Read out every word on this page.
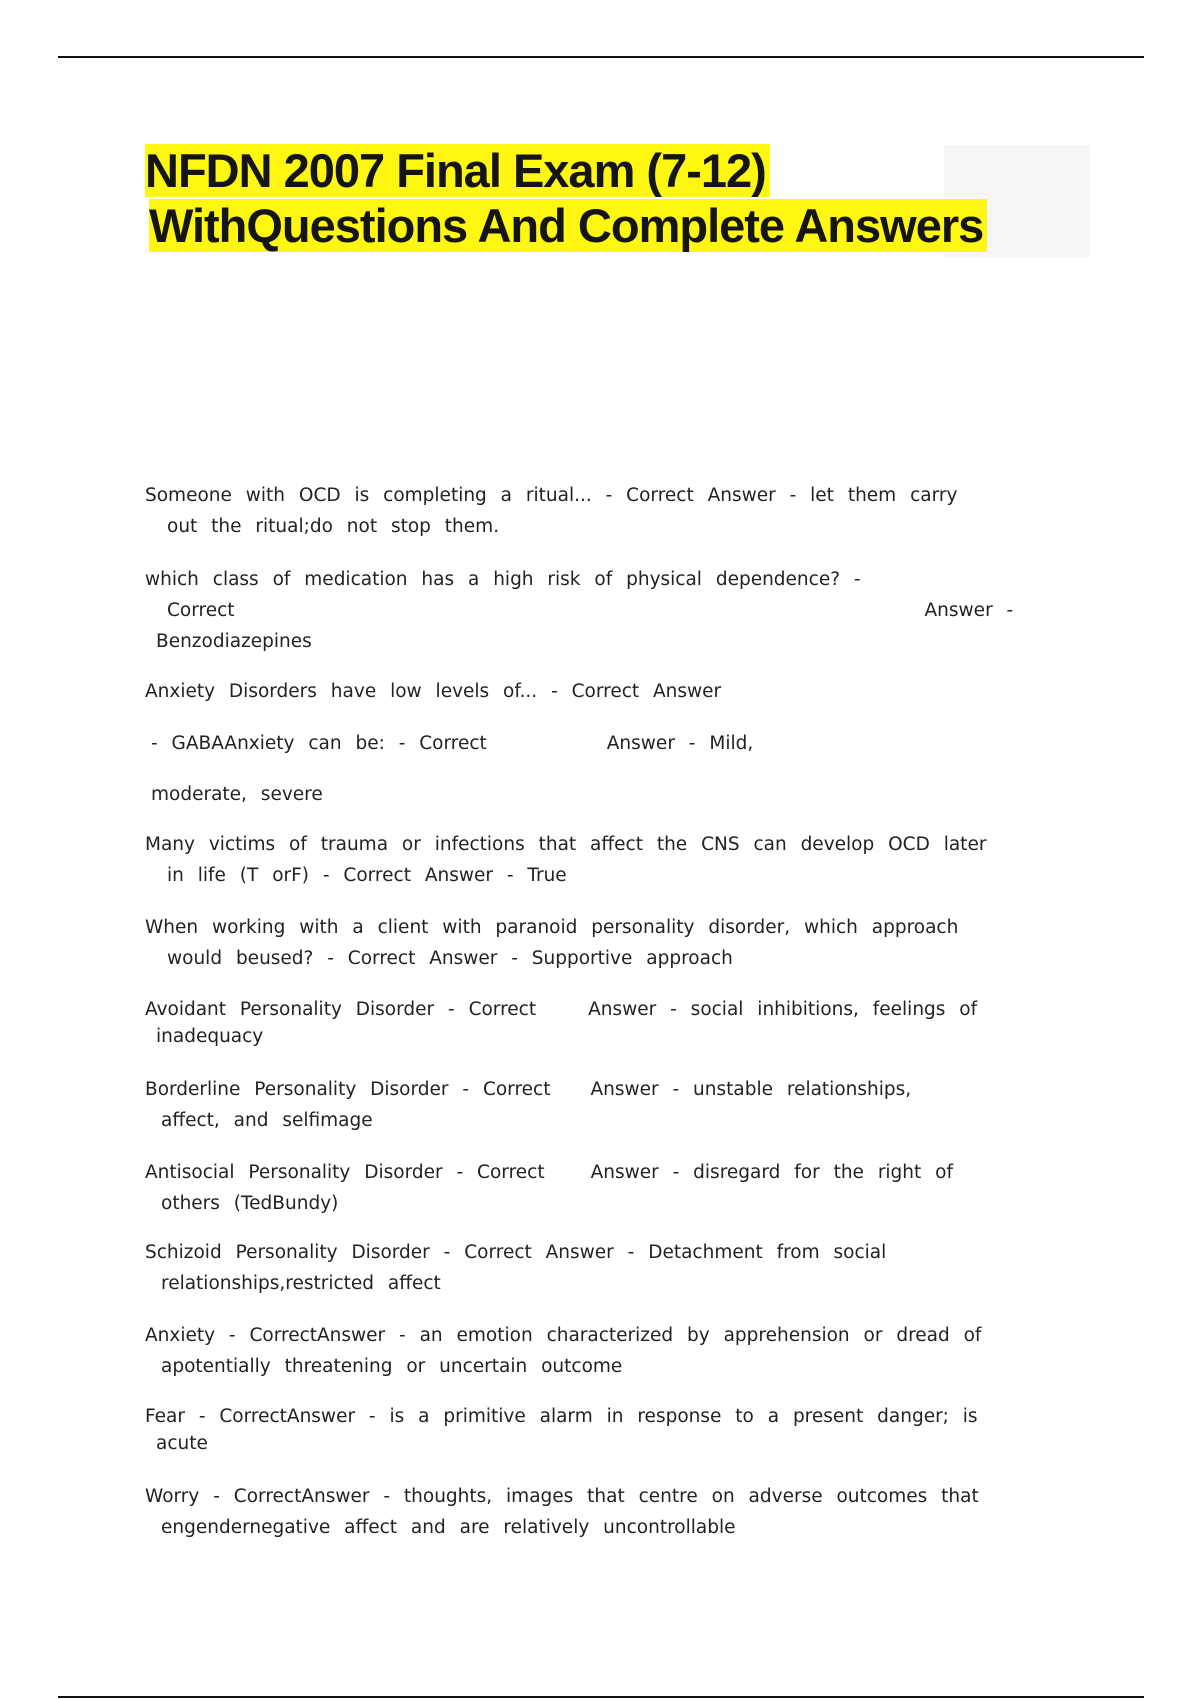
NFDN 2007 Final Exam (7-12)
WithQuestions And Complete Answers

Someone with OCD is completing a ritual... - Correct Answer - let them carry
out the ritual;do not stop them.

which class of medication has a high risk of physical dependence? -
Correct	Answer -
Benzodiazepines

Anxiety Disorders have low levels of... - Correct Answer

- GABAAnxiety can be: - Correct	Answer - Mild,

moderate, severe

Many victims of trauma or infections that affect the CNS can develop OCD later
in life (T orF) - Correct Answer - True

When working with a client with paranoid personality disorder, which approach
would beused? - Correct Answer - Supportive approach

Avoidant Personality Disorder - Correct	Answer - social inhibitions, feelings of
inadequacy

Borderline Personality Disorder - Correct Answer - unstable relationships,
affect, and selfimage

Antisocial Personality Disorder - Correct Answer - disregard for the right of
others (TedBundy)

Schizoid Personality Disorder - Correct Answer - Detachment from social
relationships,restricted affect

Anxiety - CorrectAnswer - an emotion characterized by apprehension or dread of
apotentially threatening or uncertain outcome

Fear - CorrectAnswer - is a primitive alarm in response to a present danger; is
acute

Worry - CorrectAnswer - thoughts, images that centre on adverse outcomes that
engendernegative affect and are relatively uncontrollable
